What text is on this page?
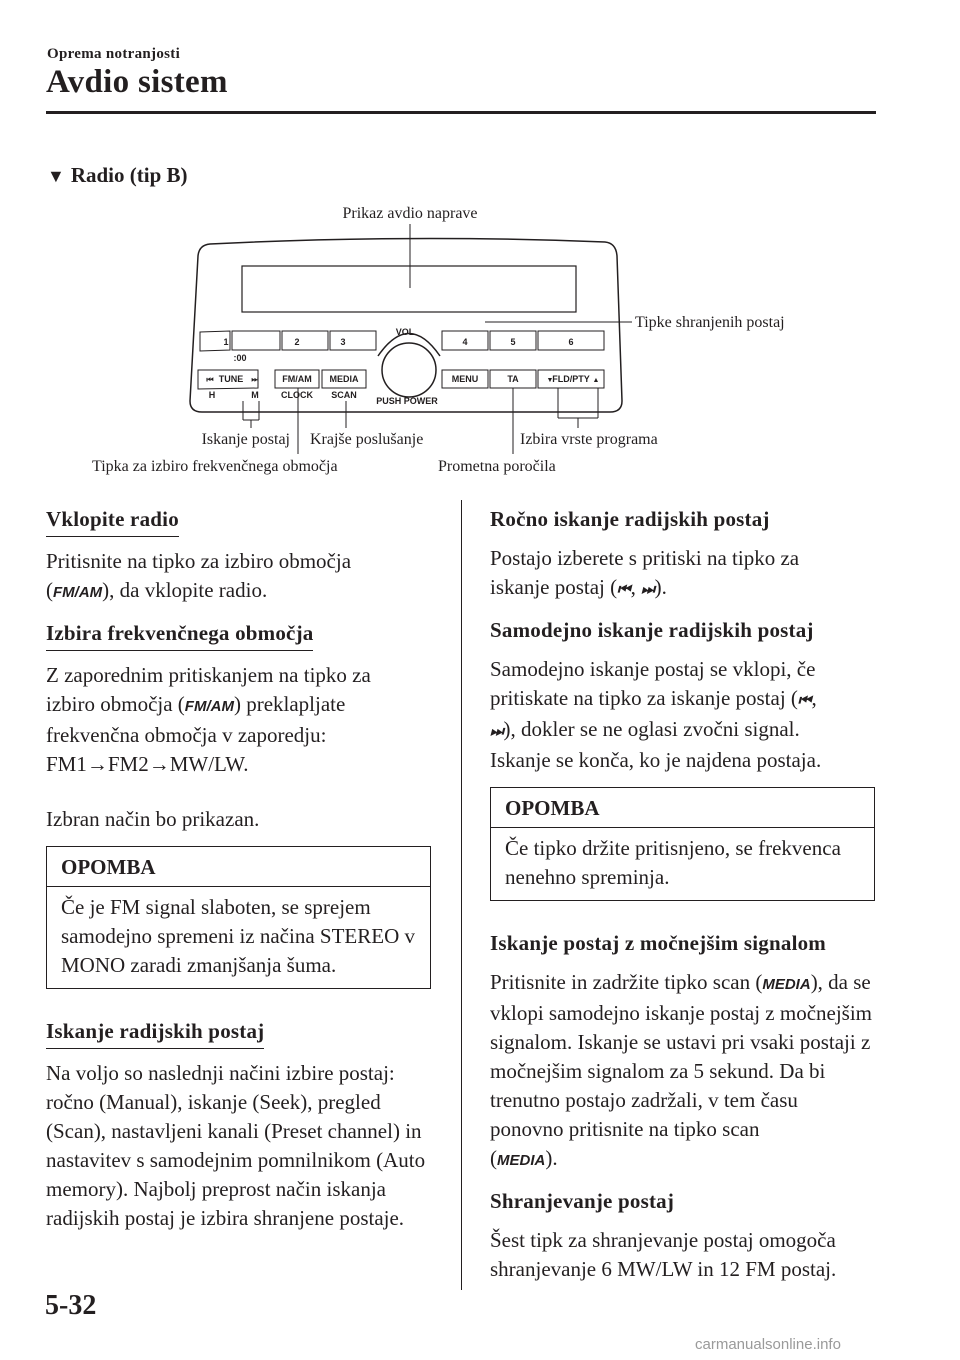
Oprema notranjosti
Avdio sistem
▼ Radio (tip B)
1	2	3	4	5	6
:00
VOL
PUSH POWER
TUNE
⏮	⏭
H	M
FM/AM
CLOCK
MEDIA
SCAN
MENU	TA	FLD/PTY
▼	▲
Prikaz avdio naprave
Tipke shranjenih postaj
Iskanje postaj Krajše poslušanje	Izbira vrste programa
Tipka za izbiro frekvenčnega območja	Prometna poročila
Vklopite radio

Pritisnite na tipko za izbiro območja
(FM/AM), da vklopite radio.

Izbira frekvenčnega območja

Z zaporednim pritiskanjem na tipko za
izbiro območja (FM/AM) preklapljate
frekvenčna območja v zaporedju:
FM1→FM2→MW/LW.

Izbran način bo prikazan.

OPOMBA
Če je FM signal slaboten, se sprejem samodejno spremeni iz načina STEREO v MONO zaradi zmanjšanja šuma.
Iskanje radijskih postaj

Na voljo so naslednji načini izbire postaj: ročno (Manual), iskanje (Seek), pregled (Scan), nastavljeni kanali (Preset channel) in nastavitev s samodejnim pomnilnikom (Auto memory). Najbolj preprost način iskanja radijskih postaj je izbira shranjene postaje.

Ročno iskanje radijskih postaj

Postajo izberete s pritiski na tipko za
iskanje postaj (⏮, ⏭).

Samodejno iskanje radijskih postaj

Samodejno iskanje postaj se vklopi, če
pritiskate na tipko za iskanje postaj (⏮,
⏭), dokler se ne oglasi zvočni signal.
Iskanje se konča, ko je najdena postaja.

OPOMBA
Če tipko držite pritisnjeno, se frekvenca nenehno spreminja.
Iskanje postaj z močnejšim signalom

Pritisnite in zadržite tipko scan (MEDIA), da se vklopi samodejno iskanje postaj z močnejšim signalom. Iskanje se ustavi pri vsaki postaji z močnejšim signalom za 5 sekund. Da bi trenutno postajo zadržali, v tem času ponovno pritisnite na tipko scan
(MEDIA).

Shranjevanje postaj

Šest tipk za shranjevanje postaj omogoča shranjevanje 6 MW/LW in 12 FM postaj.

5-32
carmanualsonline.info
